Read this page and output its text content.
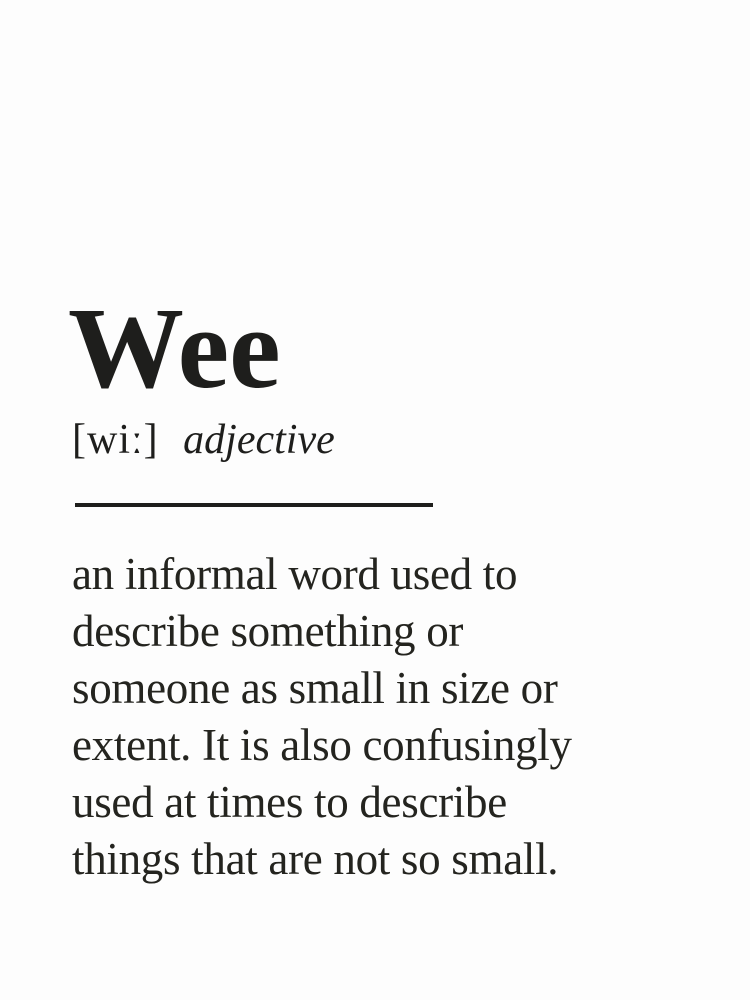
Wee

[wiː] adjective

an informal word used to
describe something or
someone as small in size or
extent. It is also confusingly
used at times to describe
things that are not so small.
